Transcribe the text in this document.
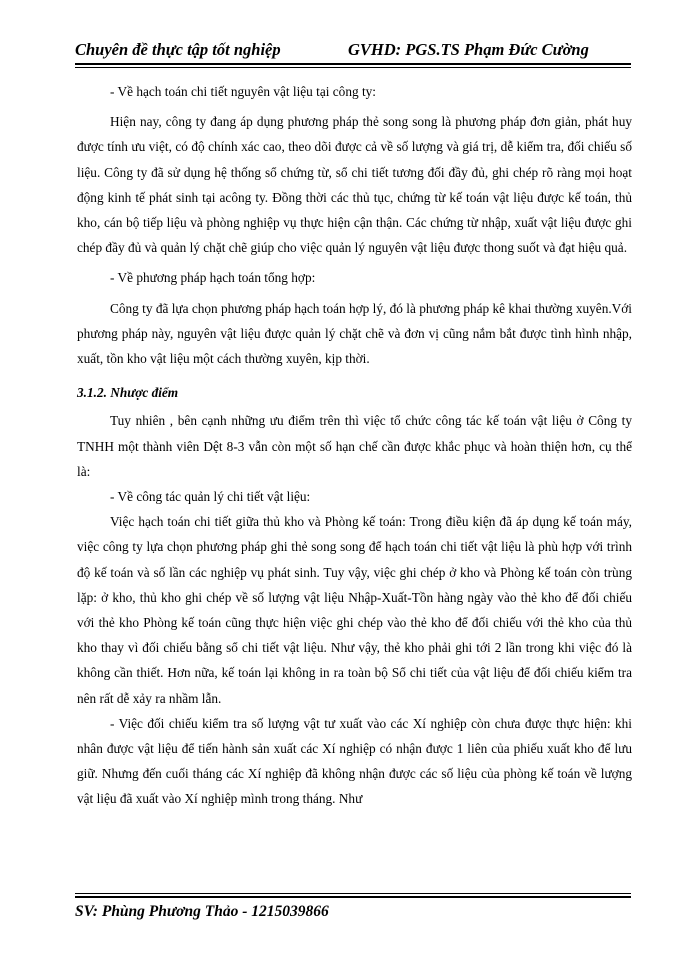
Chuyên đề thực tập tốt nghiệp	GVHD: PGS.TS Phạm Đức Cường

- Về hạch toán chi tiết nguyên vật liệu tại công ty:

Hiện nay, công ty đang áp dụng phương pháp thẻ song song là phương pháp đơn giản, phát huy được tính ưu việt, có độ chính xác cao, theo dõi được cả về số lượng và giá trị, dễ kiểm tra, đối chiếu số liệu. Công ty đã sử dụng hệ thống sổ chứng từ, sổ chi tiết tương đối đầy đủ, ghi chép rõ ràng mọi hoạt động kinh tế phát sinh tại acông ty. Đồng thời các thủ tục, chứng từ kế toán vật liệu được kế toán, thủ kho, cán bộ tiếp liệu và phòng nghiệp vụ thực hiện cận thận. Các chứng từ nhập, xuất vật liệu được ghi chép đầy đủ và quản lý chặt chẽ giúp cho việc quản lý nguyên vật liệu được thong suốt và đạt hiệu quả.

- Về phương pháp hạch toán tổng hợp:

Công ty đã lựa chọn phương pháp hạch toán hợp lý, đó là phương pháp kê khai thường xuyên.Với phương pháp này, nguyên vật liệu được quản lý chặt chẽ và đơn vị cũng nắm bắt được tình hình nhập, xuất, tồn kho vật liệu một cách thường xuyên, kịp thời.

3.1.2. Nhược điểm

Tuy nhiên , bên cạnh những ưu điểm trên thì việc tổ chức công tác kế toán vật liệu ở Công ty TNHH một thành viên Dệt 8-3 vẫn còn một số hạn chế cần được khắc phục và hoàn thiện hơn, cụ thể là:

- Về công tác quản lý chi tiết vật liệu:

Việc hạch toán chi tiết giữa thủ kho và Phòng kế toán: Trong điều kiện đã áp dụng kế toán máy, việc công ty lựa chọn phương pháp ghi thẻ song song để hạch toán chi tiết vật liệu là phù hợp với trình độ kế toán và số lần các nghiệp vụ phát sinh. Tuy vậy, việc ghi chép ở kho và Phòng kế toán còn trùng lặp: ở kho, thủ kho ghi chép về số lượng vật liệu Nhập-Xuất-Tồn hàng ngày vào thẻ kho để đối chiếu với thẻ kho Phòng kế toán cũng thực hiện việc ghi chép vào thẻ kho để đối chiếu với thẻ kho của thủ kho thay vì đối chiếu bằng sổ chi tiết vật liệu. Như vậy, thẻ kho phải ghi tới 2 lần trong khi việc đó là không cần thiết. Hơn nữa, kế toán lại không in ra toàn bộ Sổ chi tiết của vật liệu để đối chiếu kiểm tra nên rất dễ xảy ra nhầm lẫn.

- Việc đối chiếu kiểm tra số lượng vật tư xuất vào các Xí nghiệp còn chưa được thực hiện: khi nhân được vật liệu để tiến hành sản xuất các Xí nghiệp có nhận được 1 liên của phiếu xuất kho để lưu giữ. Nhưng đến cuối tháng các Xí nghiệp đã không nhận được các số liệu của phòng kế toán về lượng vật liệu đã xuất vào Xí nghiệp mình trong tháng. Như

SV: Phùng Phương Thảo - 1215039866
